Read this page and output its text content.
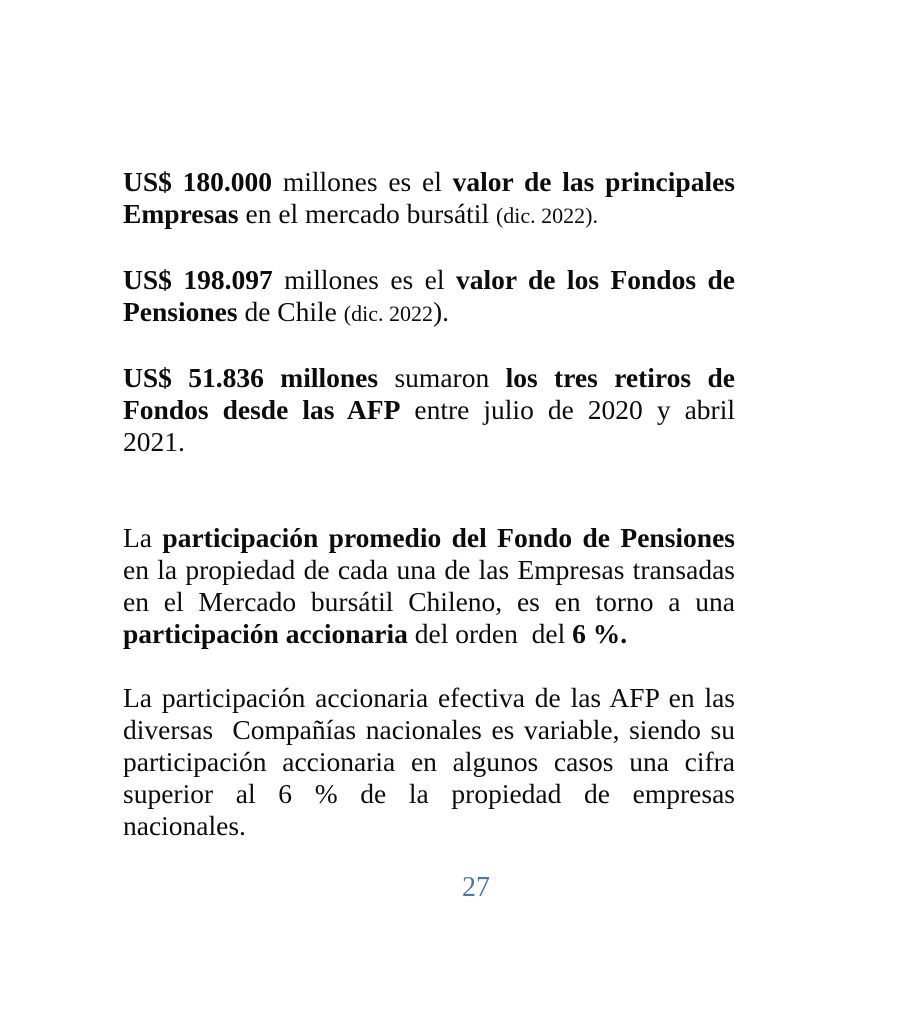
US$ 180.000 millones es el valor de las principales Empresas en el mercado bursátil (dic. 2022).

US$ 198.097 millones es el valor de los Fondos de Pensiones de Chile (dic. 2022).

US$ 51.836 millones sumaron los tres retiros de Fondos desde las AFP entre julio de 2020 y abril 2021.

La participación promedio del Fondo de Pensiones en la propiedad de cada una de las Empresas transadas en el Mercado bursátil Chileno, es en torno a una participación accionaria del orden  del 6 %.

La participación accionaria efectiva de las AFP en las diversas  Compañías nacionales es variable, siendo su participación accionaria en algunos casos una cifra superior al 6 % de la propiedad de empresas nacionales.

27
